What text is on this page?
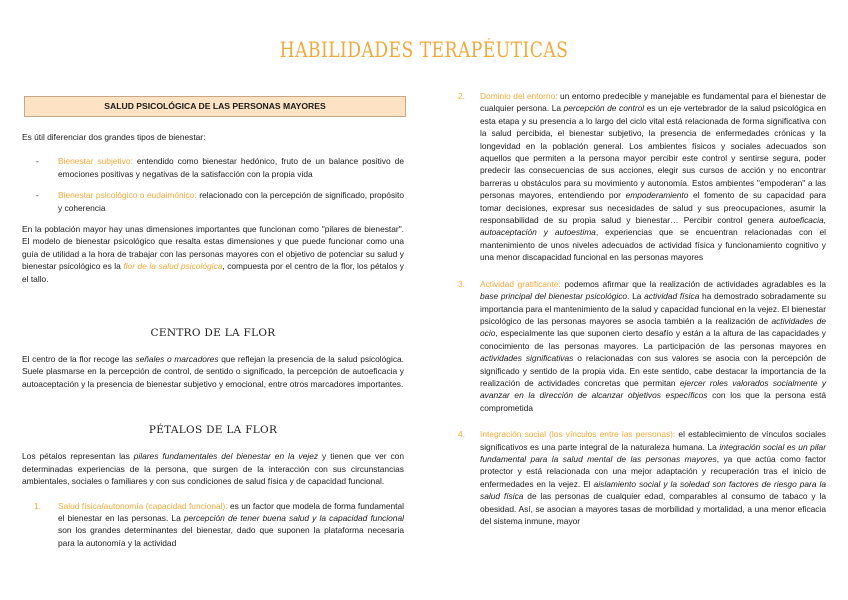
HABILIDADES TERAPÉUTICAS
SALUD PSICOLÓGICA DE LAS PERSONAS MAYORES

Es útil diferenciar dos grandes tipos de bienestar:

- Bienestar subjetivo: entendido como bienestar hedónico, fruto de un balance positivo de emociones positivas y negativas de la satisfacción con la propia vida
- Bienestar psicológico o eudaimónico: relacionado con la percepción de significado, propósito y coherencia

En la población mayor hay unas dimensiones importantes que funcionan como "pilares de bienestar". El modelo de bienestar psicológico que resalta estas dimensiones y que puede funcionar como una guía de utilidad a la hora de trabajar con las personas mayores con el objetivo de potenciar su salud y bienestar psicológico es la flor de la salud psicológica, compuesta por el centro de la flor, los pétalos y el tallo.

CENTRO DE LA FLOR

El centro de la flor recoge las señales o marcadores que reflejan la presencia de la salud psicológica. Suele plasmarse en la percepción de control, de sentido o significado, la percepción de autoeficacia y autoaceptación y la presencia de bienestar subjetivo y emocional, entre otros marcadores importantes.

PÉTALOS DE LA FLOR

Los pétalos representan las pilares fundamentales del bienestar en la vejez y tienen que ver con determinadas experiencias de la persona, que surgen de la interacción con sus circunstancias ambientales, sociales o familiares y con sus condiciones de salud física y de capacidad funcional.

1. Salud física/autonomía (capacidad funcional): es un factor que modela de forma fundamental el bienestar en las personas. La percepción de tener buena salud y la capacidad funcional son los grandes determinantes del bienestar, dado que suponen la plataforma necesaria para la autonomía y la actividad
2. Dominio del entorno: un entorno predecible y manejable es fundamental para el bienestar de cualquier persona. La percepción de control es un eje vertebrador de la salud psicológica en esta etapa y su presencia a lo largo del ciclo vital está relacionada de forma significativa con la salud percibida, el bienestar subjetivo, la presencia de enfermedades crónicas y la longevidad en la población general. Los ambientes físicos y sociales adecuados son aquellos que permiten a la persona mayor percibir este control y sentirse segura, poder predecir las consecuencias de sus acciones, elegir sus cursos de acción y no encontrar barreras u obstáculos para su movimiento y autonomía. Estos ambientes "empoderan" a las personas mayores, entendiendo por empoderamiento el fomento de su capacidad para tomar decisiones, expresar sus necesidades de salud y sus preocupaciones, asumir la responsabilidad de su propia salud y bienestar… Percibir control genera autoeficacia, autoaceptación y autoestima, experiencias que se encuentran relacionadas con el mantenimiento de unos niveles adecuados de actividad física y funcionamiento cognitivo y una menor discapacidad funcional en las personas mayores
3. Actividad gratificante: podemos afirmar que la realización de actividades agradables es la base principal del bienestar psicológico. La actividad física ha demostrado sobradamente su importancia para el mantenimiento de la salud y capacidad funcional en la vejez. El bienestar psicológico de las personas mayores se asocia también a la realización de actividades de ocio, especialmente las que suponen cierto desafío y están a la altura de las capacidades y conocimiento de las personas mayores. La participación de las personas mayores en actividades significativas o relacionadas con sus valores se asocia con la percepción de significado y sentido de la propia vida. En este sentido, cabe destacar la importancia de la realización de actividades concretas que permitan ejercer roles valorados socialmente y avanzar en la dirección de alcanzar objetivos específicos con los que la persona está comprometida
4. Integración social (los vínculos entre las personas): el establecimiento de vínculos sociales significativos es una parte integral de la naturaleza humana. La integración social es un pilar fundamental para la salud mental de las personas mayores, ya que actúa como factor protector y está relacionada con una mejor adaptación y recuperación tras el inicio de enfermedades en la vejez. El aislamiento social y la soledad son factores de riesgo para la salud física de las personas de cualquier edad, comparables al consumo de tabaco y la obesidad. Así, se asocian a mayores tasas de morbilidad y mortalidad, a una menor eficacia del sistema inmune, mayor
